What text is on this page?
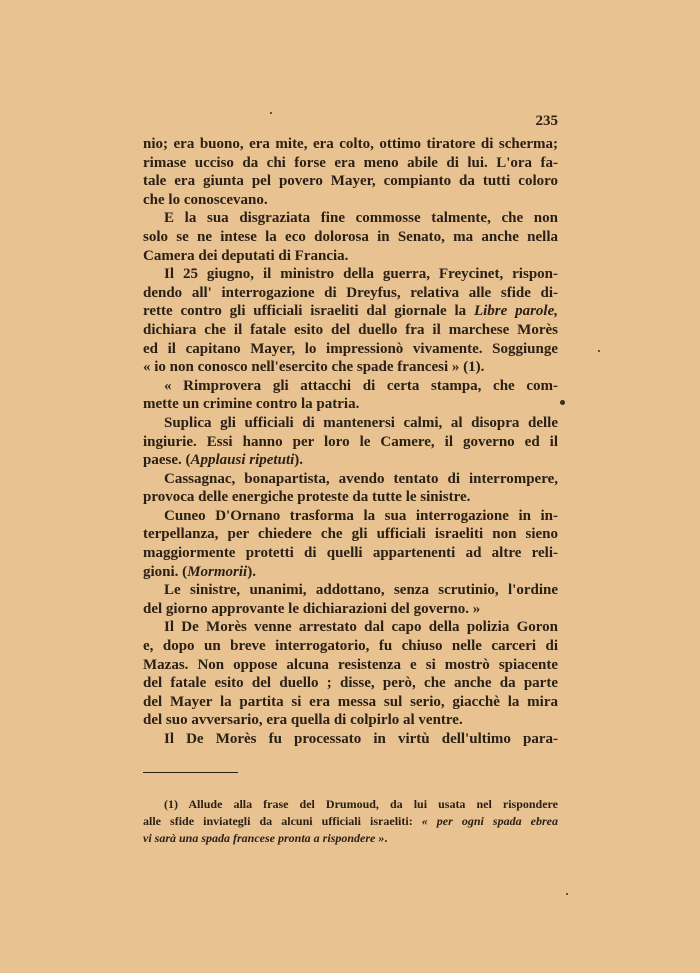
235
nio; era buono, era mite, era colto, ottimo tiratore di scherma;
rimase ucciso da chi forse era meno abile di lui. L'ora fa-
tale era giunta pel povero Mayer, compianto da tutti coloro
che lo conoscevano.
E la sua disgraziata fine commosse talmente, che non
solo se ne intese la eco dolorosa in Senato, ma anche nella
Camera dei deputati di Francia.
Il 25 giugno, il ministro della guerra, Freycinet, rispon-
dendo all' interrogazione di Dreyfus, relativa alle sfide di-
rette contro gli ufficiali israeliti dal giornale la Libre parole,
dichiara che il fatale esito del duello fra il marchese Morès
ed il capitano Mayer, lo impressionò vivamente. Soggiunge
« io non conosco nell'esercito che spade francesi » (1).
« Rimprovera gli attacchi di certa stampa, che com-
mette un crimine contro la patria.
Suplica gli ufficiali di mantenersi calmi, al disopra delle
ingiurie. Essi hanno per loro le Camere, il governo ed il
paese. (Applausi ripetuti).
Cassagnac, bonapartista, avendo tentato di interrompere,
provoca delle energiche proteste da tutte le sinistre.
Cuneo D'Ornano trasforma la sua interrogazione in in-
terpellanza, per chiedere che gli ufficiali israeliti non sieno
maggiormente protetti di quelli appartenenti ad altre reli-
gioni. (Mormorii).
Le sinistre, unanimi, addottano, senza scrutinio, l'ordine
del giorno approvante le dichiarazioni del governo. »
Il De Morès venne arrestato dal capo della polizia Goron
e, dopo un breve interrogatorio, fu chiuso nelle carceri di
Mazas. Non oppose alcuna resistenza e si mostrò spiacente
del fatale esito del duello ; disse, però, che anche da parte
del Mayer la partita si era messa sul serio, giacchè la mira
del suo avversario, era quella di colpirlo al ventre.
Il De Morès fu processato in virtù dell'ultimo para-
(1) Allude alla frase del Drumoud, da lui usata nel rispondere
alle sfide inviategli da alcuni ufficiali israeliti: « per ogni spada ebrea
vi sarà una spada francese pronta a rispondere ».
